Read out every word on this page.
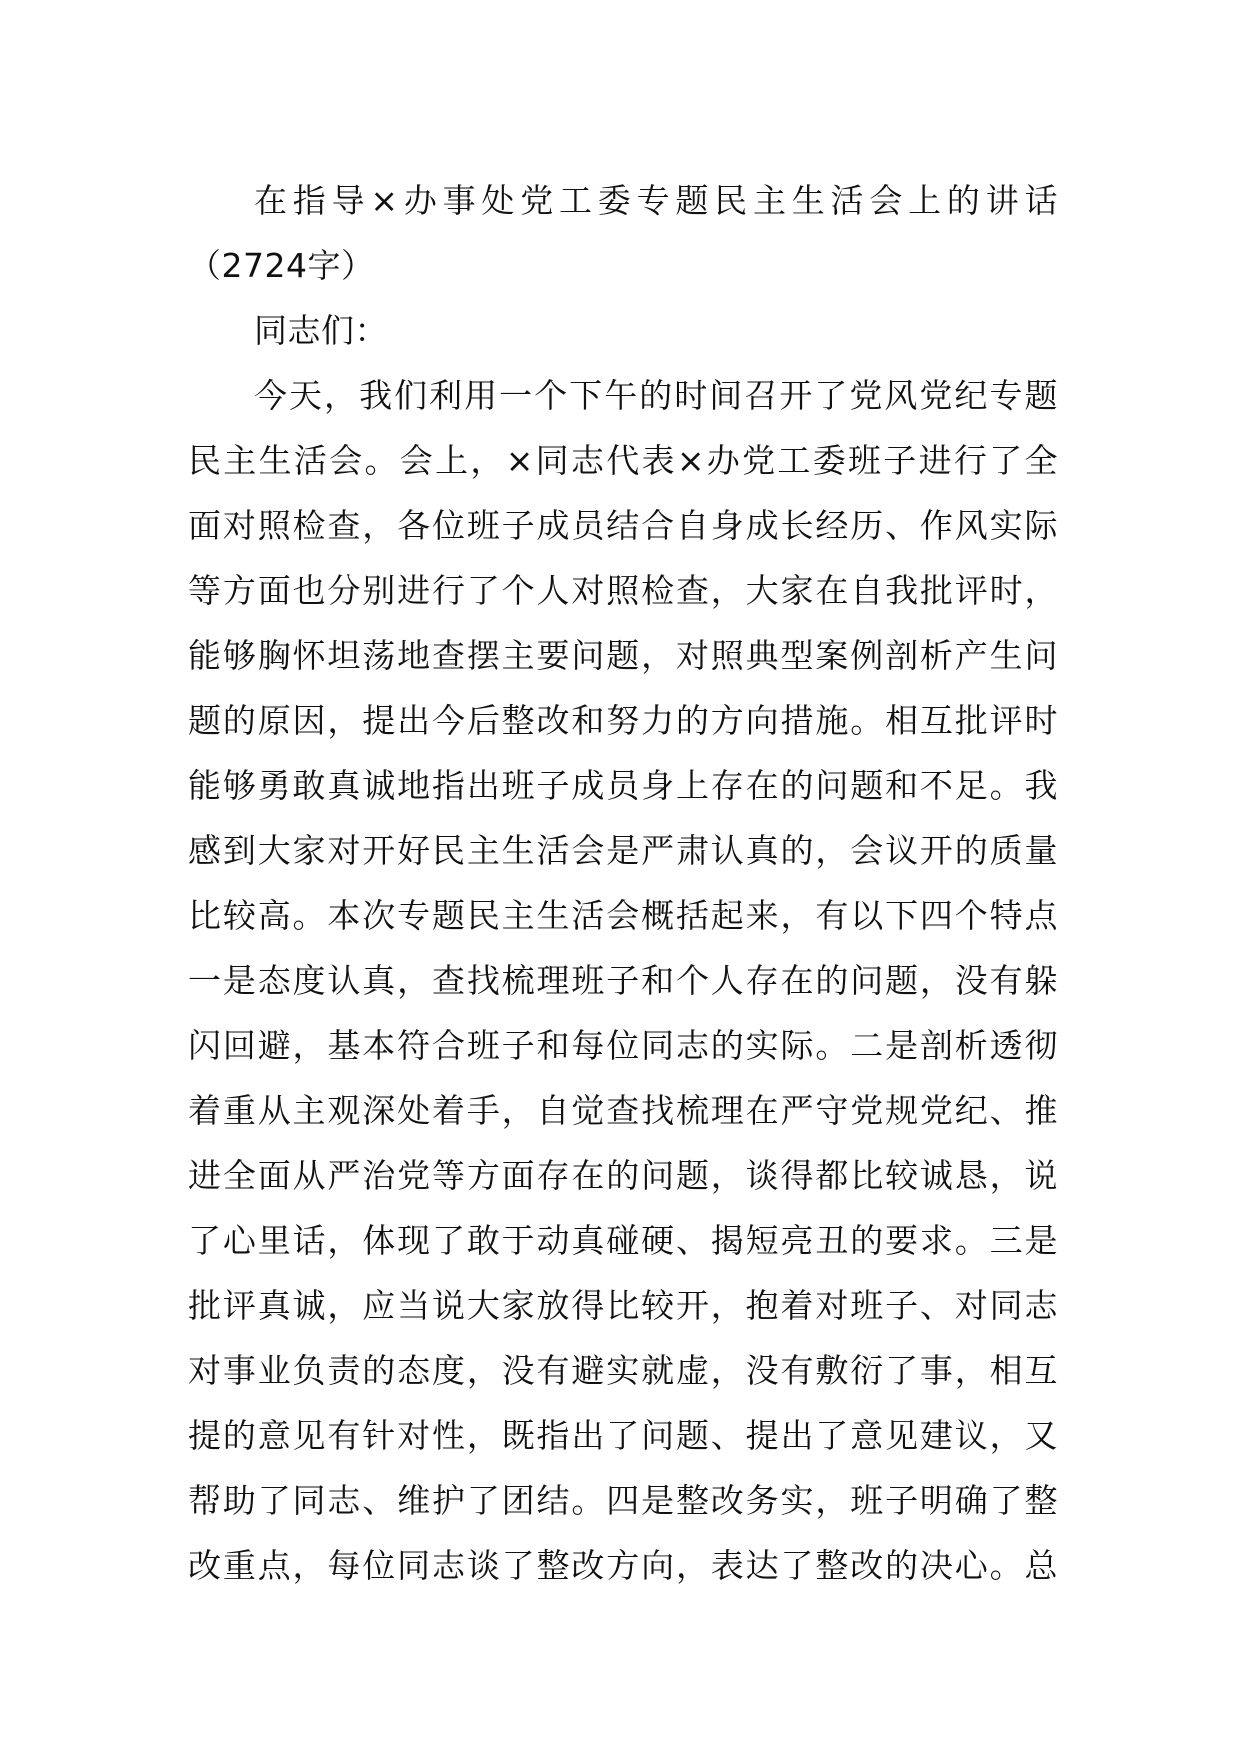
在指导×办事处党工委专题民主生活会上的讲话
（2724字）
同志们：
今天，我们利用一个下午的时间召开了党风党纪专题
民主生活会。会上，×同志代表×办党工委班子进行了全
面对照检查，各位班子成员结合自身成长经历、作风实际
等方面也分别进行了个人对照检查，大家在自我批评时，
能够胸怀坦荡地查摆主要问题，对照典型案例剖析产生问
题的原因，提出今后整改和努力的方向措施。相互批评时
能够勇敢真诚地指出班子成员身上存在的问题和不足。我
感到大家对开好民主生活会是严肃认真的，会议开的质量
比较高。本次专题民主生活会概括起来，有以下四个特点
一是态度认真，查找梳理班子和个人存在的问题，没有躲
闪回避，基本符合班子和每位同志的实际。二是剖析透彻
着重从主观深处着手，自觉查找梳理在严守党规党纪、推
进全面从严治党等方面存在的问题，谈得都比较诚恳，说
了心里话，体现了敢于动真碰硬、揭短亮丑的要求。三是
批评真诚，应当说大家放得比较开，抱着对班子、对同志
对事业负责的态度，没有避实就虚，没有敷衍了事，相互
提的意见有针对性，既指出了问题、提出了意见建议，又
帮助了同志、维护了团结。四是整改务实，班子明确了整
改重点，每位同志谈了整改方向，表达了整改的决心。总
